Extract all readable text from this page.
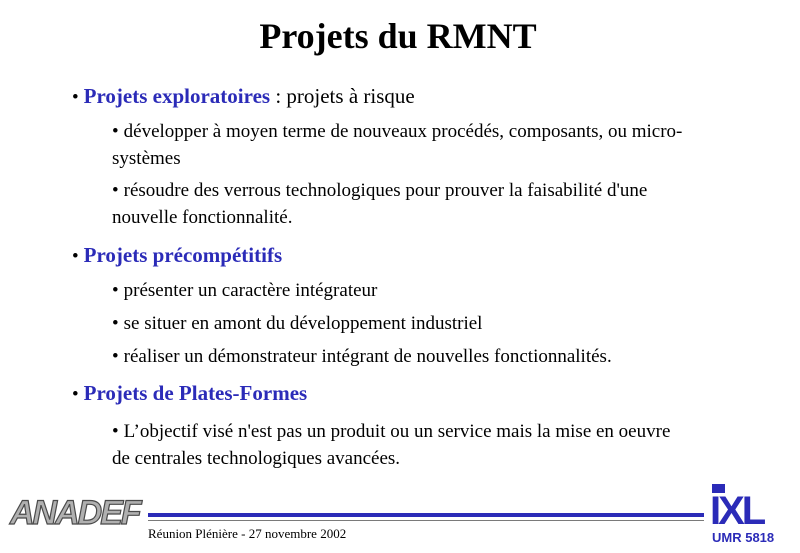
Projets du RMNT
• Projets exploratoires : projets à risque
• développer à moyen terme de nouveaux procédés, composants, ou micro-systèmes
• résoudre des verrous technologiques pour prouver la faisabilité d'une nouvelle fonctionnalité.
• Projets précompétitifs
• présenter un caractère intégrateur
• se situer en amont du développement industriel
• réaliser un démonstrateur intégrant de nouvelles fonctionnalités.
• Projets de Plates-Formes
• L’objectif visé n'est pas un produit ou un service mais la mise en oeuvre de centrales technologiques avancées.
ANADEF
Réunion Plénière - 27 novembre 2002
IXL
UMR 5818
